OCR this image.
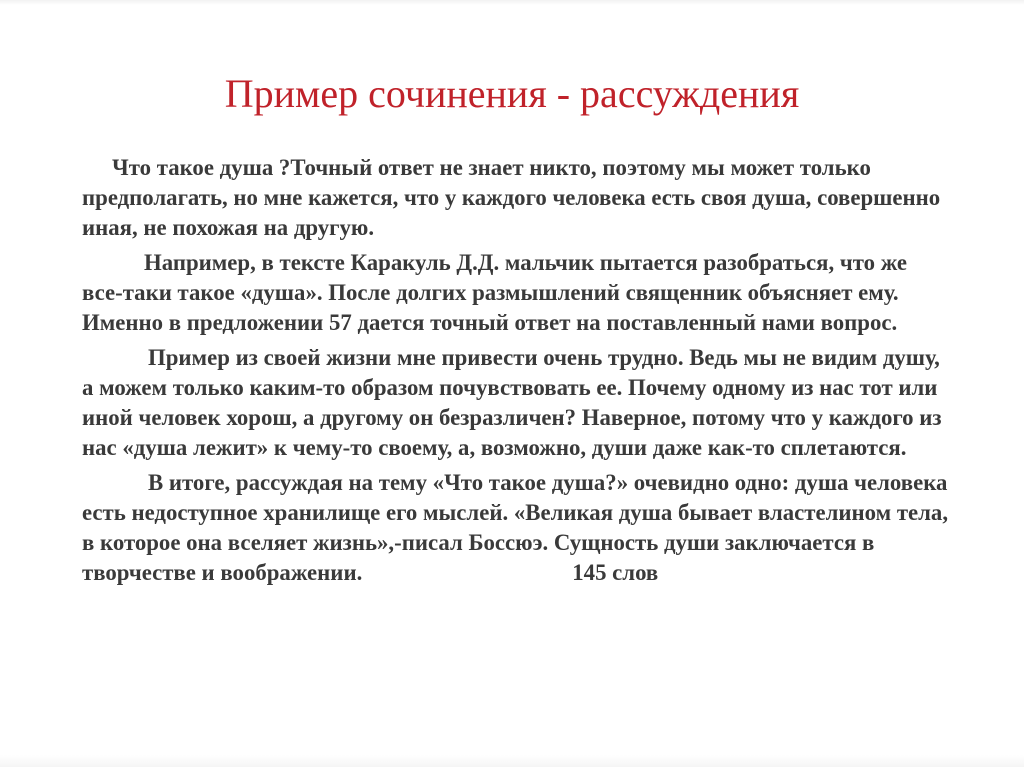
Пример сочинения - рассуждения

Что такое душа ?Точный ответ не знает никто, поэтому мы может только предполагать, но мне кажется, что у каждого человека есть своя душа, совершенно иная, не похожая на другую.

Например, в тексте Каракуль Д.Д. мальчик пытается разобраться, что же все-таки такое «душа». После долгих размышлений священник объясняет ему. Именно в предложении 57 дается точный ответ на поставленный нами вопрос.

Пример из своей жизни мне привести очень трудно. Ведь мы не видим душу, а можем только каким-то образом почувствовать ее. Почему одному из нас тот или иной человек хорош, а другому он безразличен? Наверное, потому что у каждого из нас «душа лежит» к чему-то своему, а, возможно, души даже как-то сплетаются.

В итоге, рассуждая на тему «Что такое душа?» очевидно одно: душа человека есть недоступное хранилище его мыслей. «Великая душа бывает властелином тела, в которое она вселяет жизнь»,-писал Боссюэ. Сущность души заключается в творчестве и воображении.	145 слов
